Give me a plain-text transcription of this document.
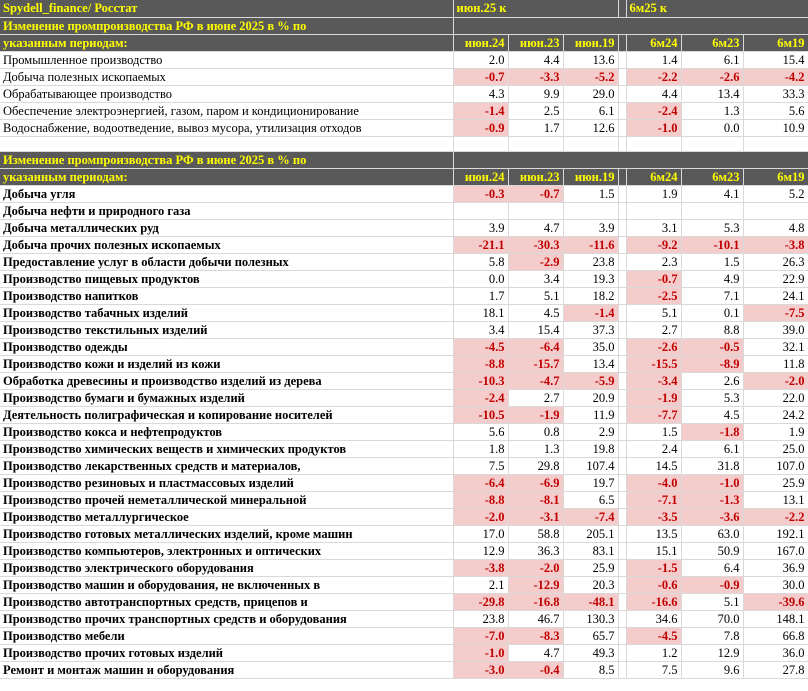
Spydell_finance/ Росстат	июн.25 к				6м25 к		
Изменение промпроизводства РФ в июне 2025 в % по							
указанным периодам:	июн.24	июн.23	июн.19		6м24	6м23	6м19
Промышленное производство	2.0	4.4	13.6		1.4	6.1	15.4
Добыча полезных ископаемых	-0.7	-3.3	-5.2		-2.2	-2.6	-4.2
Обрабатывающее производство	4.3	9.9	29.0		4.4	13.4	33.3
Обеспечение электроэнергией, газом, паром и кондиционирование	-1.4	2.5	6.1		-2.4	1.3	5.6
Водоснабжение, водоотведение, вывоз мусора, утилизация отходов	-0.9	1.7	12.6		-1.0	0.0	10.9

Изменение промпроизводства РФ в июне 2025 в % по							
указанным периодам:	июн.24	июн.23	июн.19		6м24	6м23	6м19
Добыча угля	-0.3	-0.7	1.5		1.9	4.1	5.2
Добыча нефти и природного газа							
Добыча металлических руд	3.9	4.7	3.9		3.1	5.3	4.8
Добыча прочих полезных ископаемых	-21.1	-30.3	-11.6		-9.2	-10.1	-3.8
Предоставление услуг в области добычи полезных	5.8	-2.9	23.8		2.3	1.5	26.3
Производство пищевых продуктов	0.0	3.4	19.3		-0.7	4.9	22.9
Производство напитков	1.7	5.1	18.2		-2.5	7.1	24.1
Производство табачных изделий	18.1	4.5	-1.4		5.1	0.1	-7.5
Производство текстильных изделий	3.4	15.4	37.3		2.7	8.8	39.0
Производство одежды	-4.5	-6.4	35.0		-2.6	-0.5	32.1
Производство кожи и изделий из кожи	-8.8	-15.7	13.4		-15.5	-8.9	11.8
Обработка древесины и производство изделий из дерева	-10.3	-4.7	-5.9		-3.4	2.6	-2.0
Производство бумаги и бумажных изделий	-2.4	2.7	20.9		-1.9	5.3	22.0
Деятельность полиграфическая и копирование носителей	-10.5	-1.9	11.9		-7.7	4.5	24.2
Производство кокса и нефтепродуктов	5.6	0.8	2.9		1.5	-1.8	1.9
Производство химических веществ и химических продуктов	1.8	1.3	19.8		2.4	6.1	25.0
Производство лекарственных средств и материалов,	7.5	29.8	107.4		14.5	31.8	107.0
Производство резиновых и пластмассовых изделий	-6.4	-6.9	19.7		-4.0	-1.0	25.9
Производство прочей неметаллической минеральной	-8.8	-8.1	6.5		-7.1	-1.3	13.1
Производство металлургическое	-2.0	-3.1	-7.4		-3.5	-3.6	-2.2
Производство готовых металлических изделий, кроме машин	17.0	58.8	205.1		13.5	63.0	192.1
Производство компьютеров, электронных и оптических	12.9	36.3	83.1		15.1	50.9	167.0
Производство электрического оборудования	-3.8	-2.0	25.9		-1.5	6.4	36.9
Производство машин и оборудования, не включенных в	2.1	-12.9	20.3		-0.6	-0.9	30.0
Производство автотранспортных средств, прицепов и	-29.8	-16.8	-48.1		-16.6	5.1	-39.6
Производство прочих транспортных средств и оборудования	23.8	46.7	130.3		34.6	70.0	148.1
Производство мебели	-7.0	-8.3	65.7		-4.5	7.8	66.8
Производство прочих готовых изделий	-1.0	4.7	49.3		1.2	12.9	36.0
Ремонт и монтаж машин и оборудования	-3.0	-0.4	8.5		7.5	9.6	27.8
